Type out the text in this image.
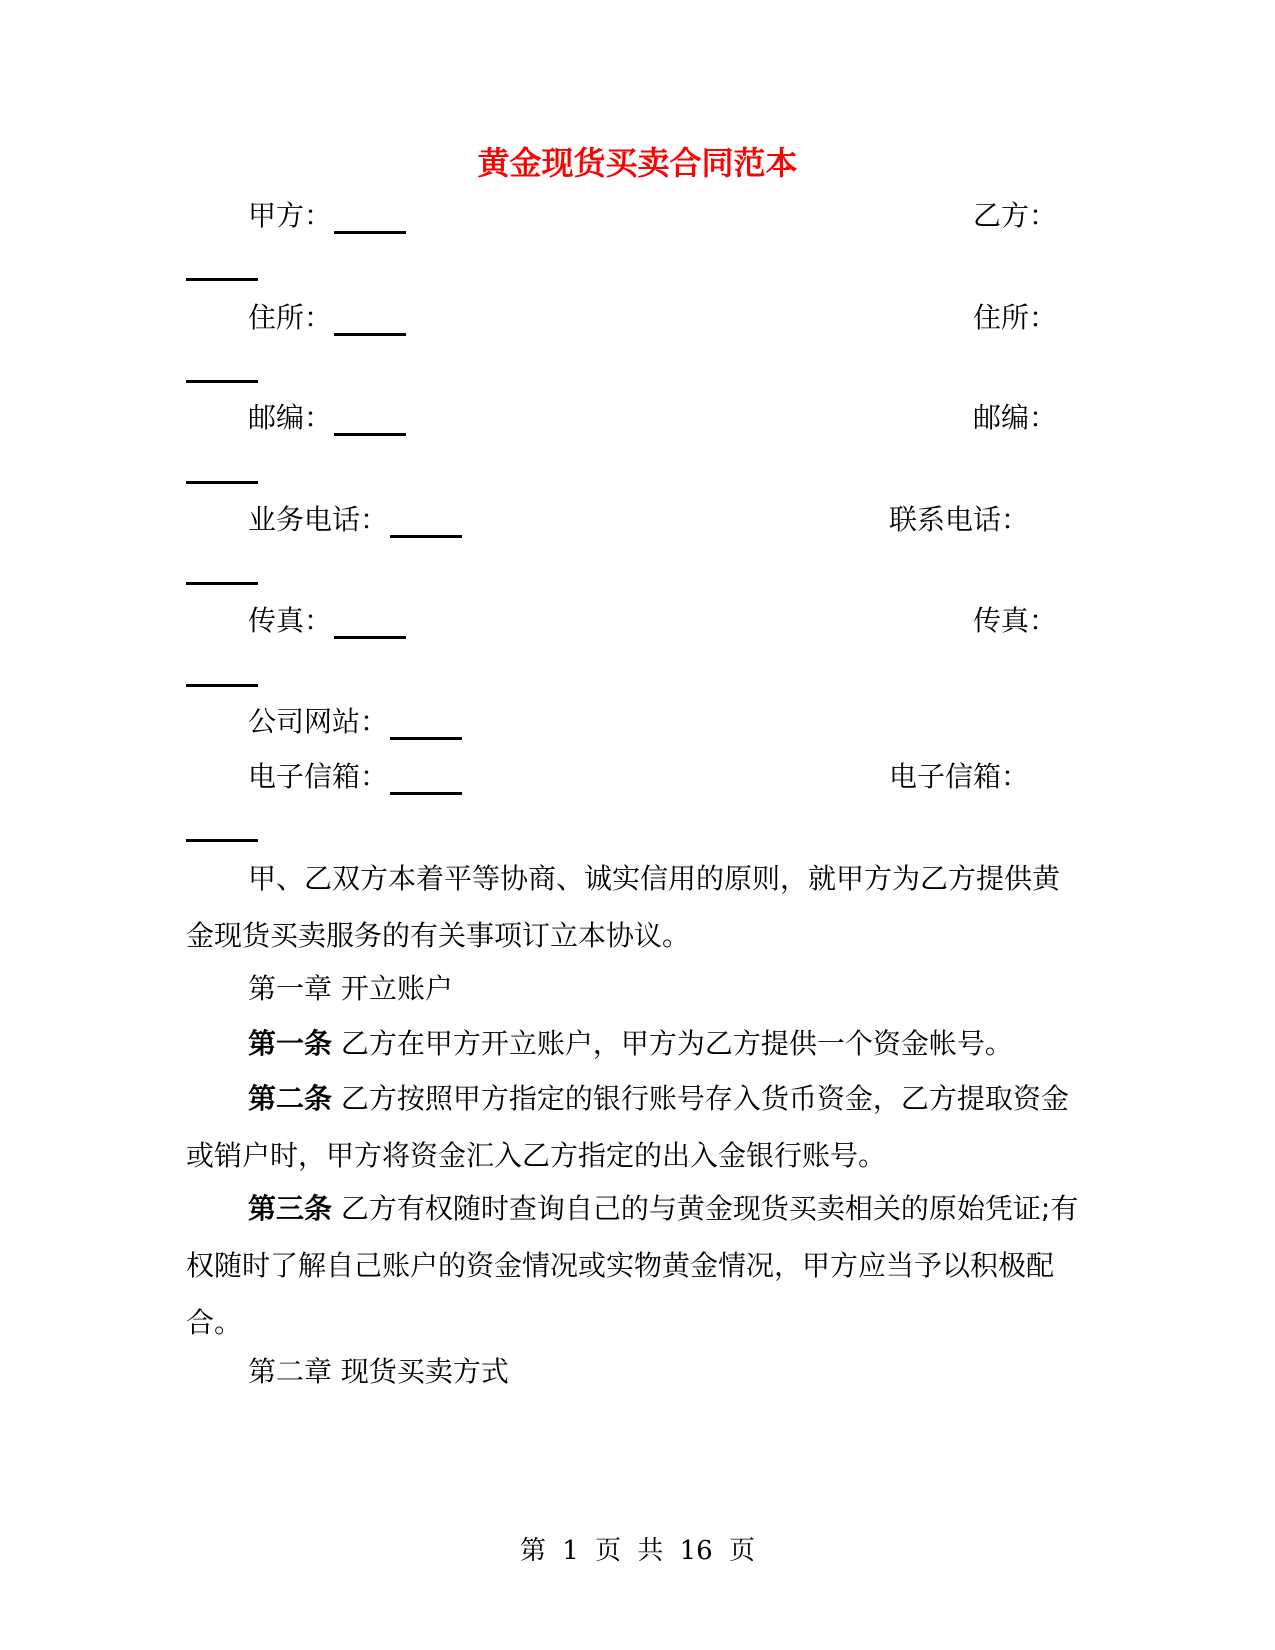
黄金现货买卖合同范本
甲方：	乙方：
住所：	住所：
邮编：	邮编：
业务电话：	联系电话：
传真：	传真：
公司网站：
电子信箱：	电子信箱：

甲、乙双方本着平等协商、诚实信用的原则，就甲方为乙方提供黄金现货买卖服务的有关事项订立本协议。

第一章 开立账户

第一条 乙方在甲方开立账户，甲方为乙方提供一个资金帐号。

第二条 乙方按照甲方指定的银行账号存入货币资金，乙方提取资金或销户时，甲方将资金汇入乙方指定的出入金银行账号。

第三条 乙方有权随时查询自己的与黄金现货买卖相关的原始凭证;有权随时了解自己账户的资金情况或实物黄金情况，甲方应当予以积极配合。

第二章 现货买卖方式

第 1 页 共 16 页
